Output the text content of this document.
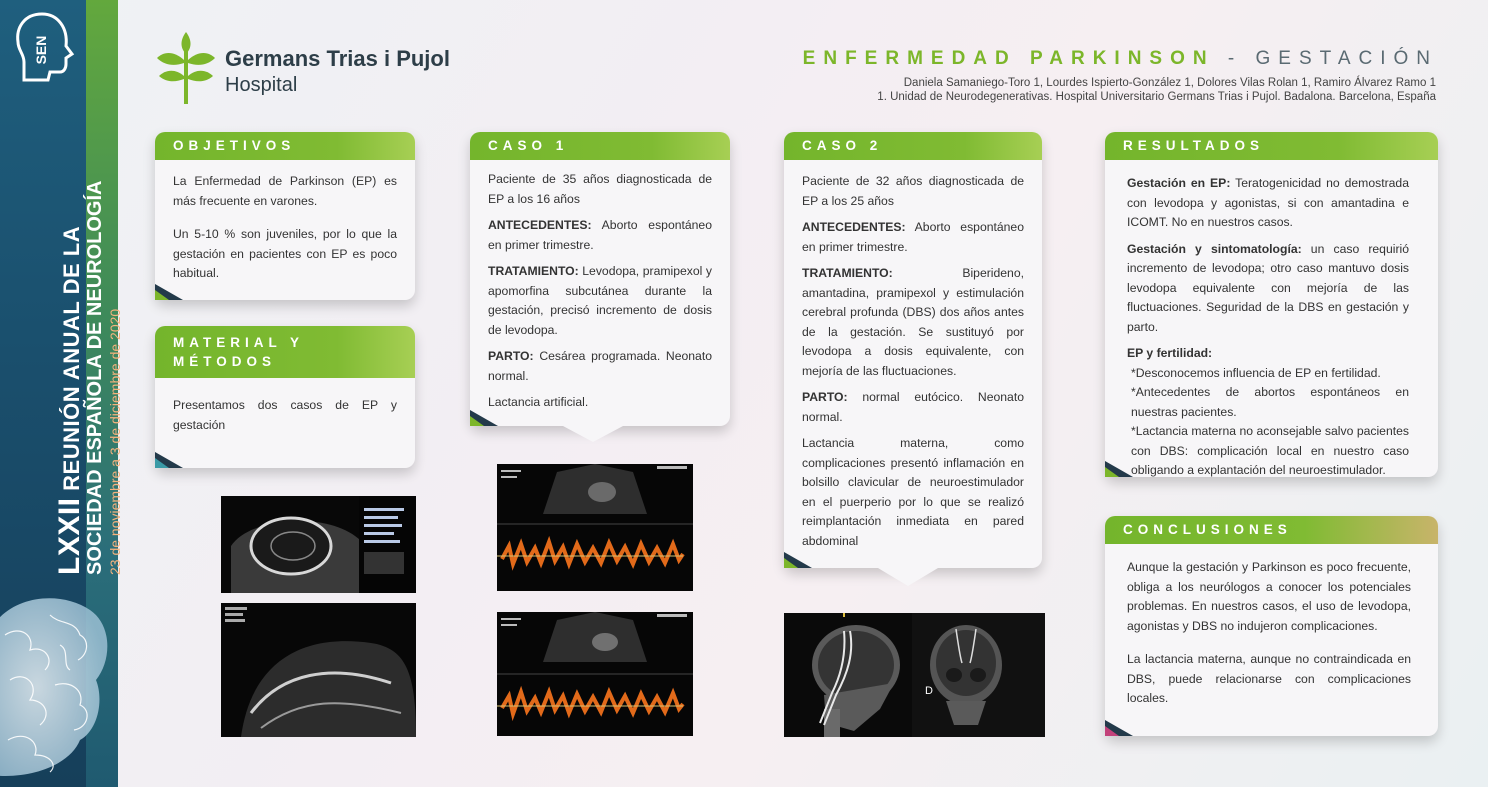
SEN
LXXII REUNIÓN ANUAL DE LA SOCIEDAD ESPAÑOLA DE NEUROLOGÍA 23 de noviembre a 3 de diciembre de 2020
Germans Trias i Pujol
Hospital
ENFERMEDAD PARKINSON - GESTACIÓN
Daniela Samaniego-Toro 1, Lourdes Ispierto-González 1, Dolores Vilas Rolan 1, Ramiro Álvarez Ramo 1
1. Unidad de Neurodegenerativas. Hospital Universitario Germans Trias i Pujol. Badalona. Barcelona, España
OBJETIVOS

La Enfermedad de Parkinson (EP) es más frecuente en varones.

Un 5-10 % son juveniles, por lo que la gestación en pacientes con EP es poco habitual.

MATERIAL Y
MÉTODOS

Presentamos dos casos de EP y gestación

CASO 1

Paciente de 35 años diagnosticada de EP a los 16 años

ANTECEDENTES: Aborto espontáneo en primer trimestre.

TRATAMIENTO: Levodopa, pramipexol y apomorfina subcutánea durante la gestación, precisó incremento de dosis de levodopa.

PARTO: Cesárea programada. Neonato normal.

Lactancia artificial.

CASO 2

Paciente de 32 años diagnosticada de EP a los 25 años

ANTECEDENTES: Aborto espontáneo en primer trimestre.

TRATAMIENTO: Biperideno, amantadina, pramipexol y estimulación cerebral profunda (DBS) dos años antes de la gestación. Se sustituyó por levodopa a dosis equivalente, con mejoría de las fluctuaciones.

PARTO: normal eutócico. Neonato normal.

Lactancia materna, como complicaciones presentó inflamación en bolsillo clavicular de neuroestimulador en el puerperio por lo que se realizó reimplantación inmediata en pared abdominal

D
RESULTADOS

Gestación en EP: Teratogenicidad no demostrada con levodopa y agonistas, si con amantadina e ICOMT. No en nuestros casos.

Gestación y sintomatología: un caso requirió incremento de levodopa; otro caso mantuvo dosis levodopa equivalente con mejoría de las fluctuaciones. Seguridad de la DBS en gestación y parto.

EP y fertilidad:

*Desconocemos influencia de EP en fertilidad.

*Antecedentes de abortos espontáneos en nuestras pacientes.

*Lactancia materna no aconsejable salvo pacientes con DBS: complicación local en nuestro caso obligando a explantación del neuroestimulador.

CONCLUSIONES

Aunque la gestación y Parkinson es poco frecuente, obliga a los neurólogos a conocer los potenciales problemas. En nuestros casos, el uso de levodopa, agonistas y DBS no indujeron complicaciones.

La lactancia materna, aunque no contraindicada en DBS, puede relacionarse con complicaciones locales.
